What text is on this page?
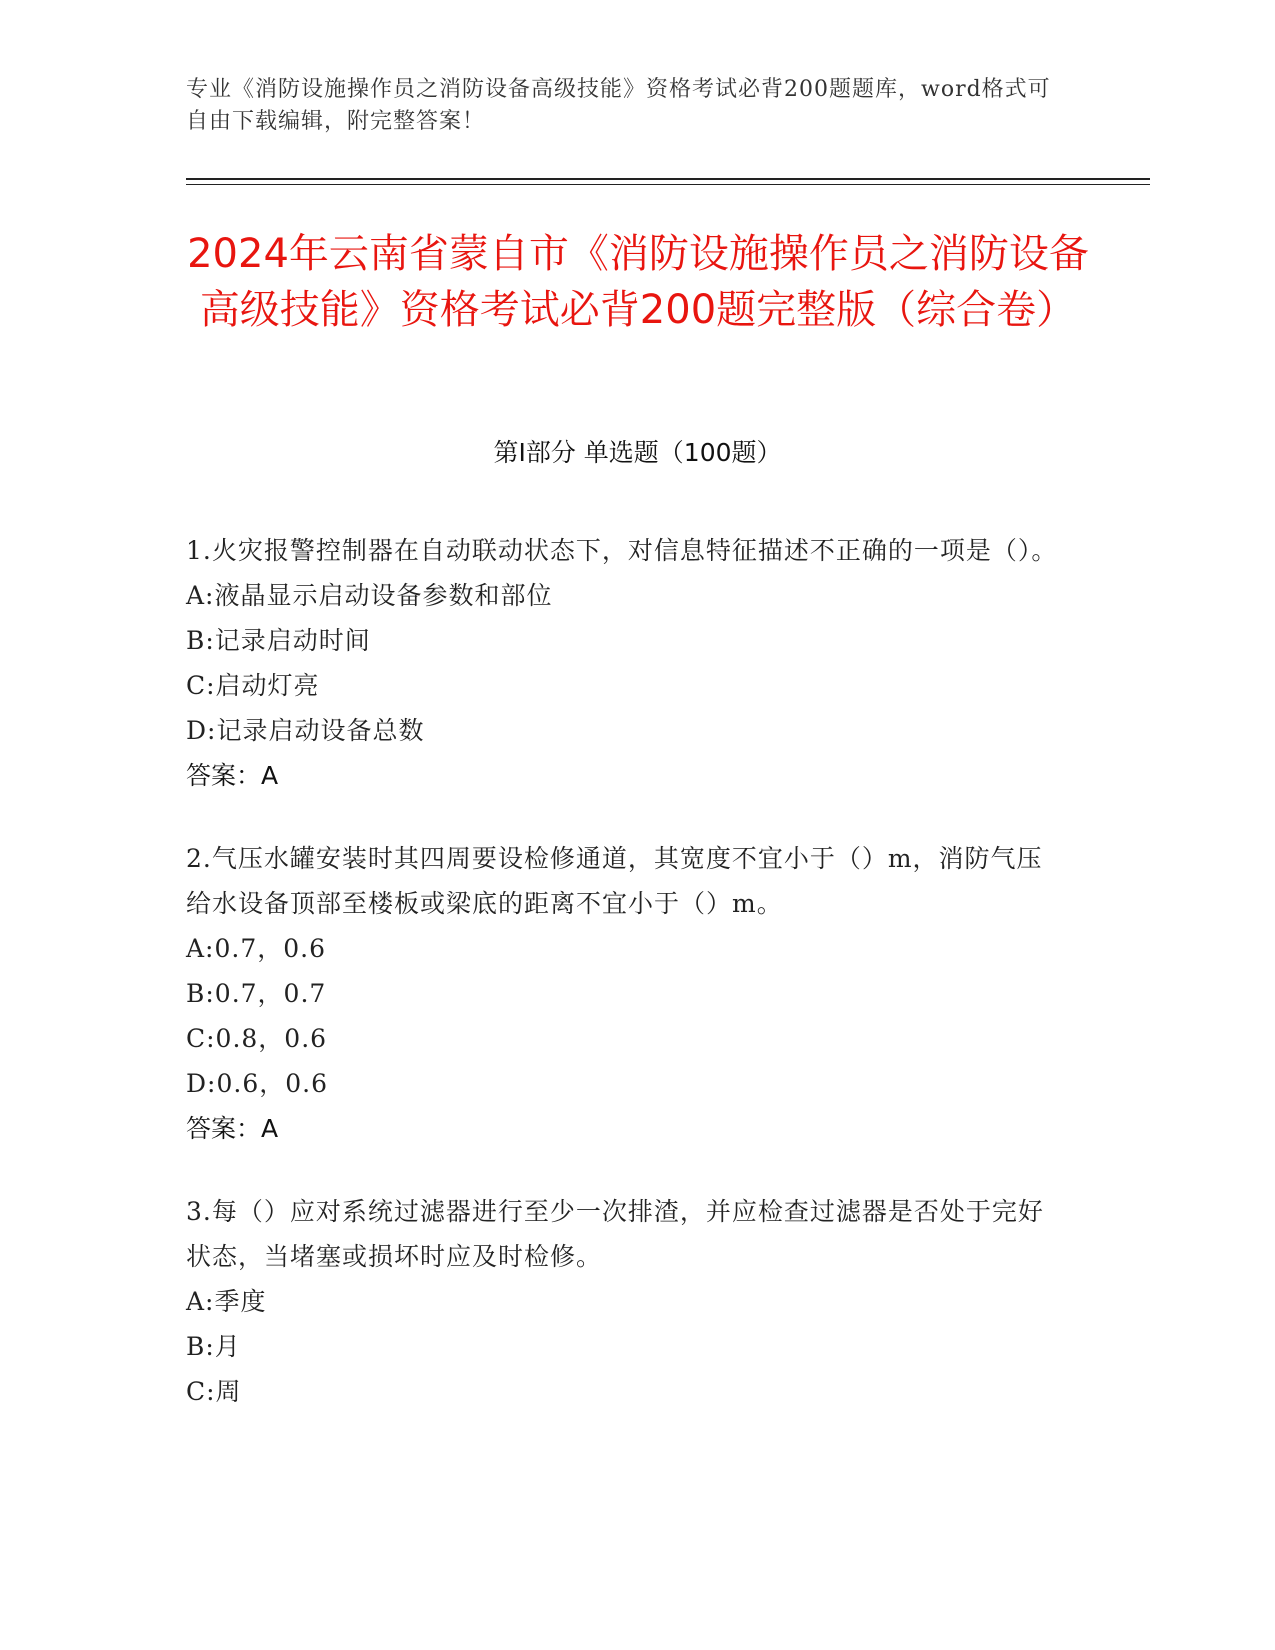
专业《消防设施操作员之消防设备高级技能》资格考试必背200题题库，word格式可自由下载编辑，附完整答案！
2024年云南省蒙自市《消防设施操作员之消防设备高级技能》资格考试必背200题完整版（综合卷）
第I部分 单选题（100题）
1.火灾报警控制器在自动联动状态下，对信息特征描述不正确的一项是（）。
A:液晶显示启动设备参数和部位
B:记录启动时间
C:启动灯亮
D:记录启动设备总数
答案：A
2.气压水罐安装时其四周要设检修通道，其宽度不宜小于（）m，消防气压给水设备顶部至楼板或梁底的距离不宜小于（）m。
A:0.7，0.6
B:0.7，0.7
C:0.8，0.6
D:0.6，0.6
答案：A
3.每（）应对系统过滤器进行至少一次排渣，并应检查过滤器是否处于完好状态，当堵塞或损坏时应及时检修。
A:季度
B:月
C:周
